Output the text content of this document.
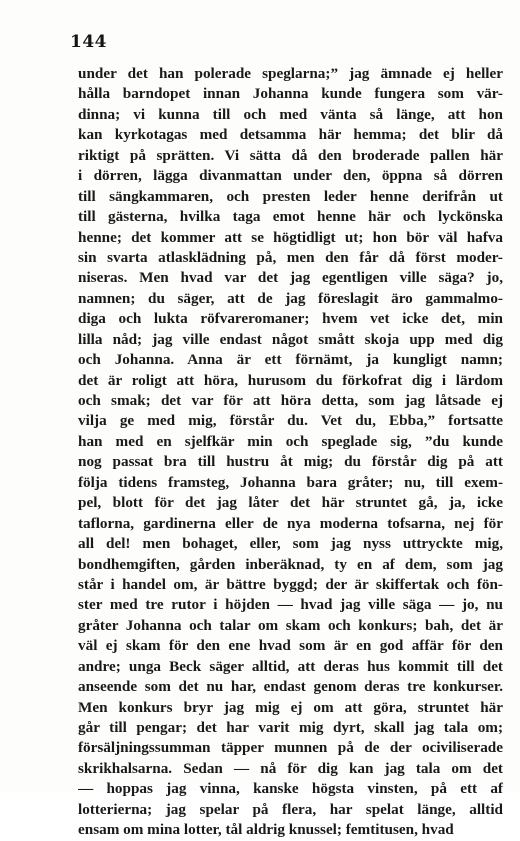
144
under det han polerade speglarna;” jag ämnade ej heller
hålla barndopet innan Johanna kunde fungera som vär-
dinna; vi kunna till och med vänta så länge, att hon
kan kyrkotagas med detsamma här hemma; det blir då
riktigt på sprätten. Vi sätta då den broderade pallen här
i dörren, lägga divanmattan under den, öppna så dörren
till sängkammaren, och presten leder henne derifrån ut
till gästerna, hvilka taga emot henne här och lyckönska
henne; det kommer att se högtidligt ut; hon bör väl hafva
sin svarta atlasklädning på, men den får då först moder-
niseras. Men hvad var det jag egentligen ville säga? jo,
namnen; du säger, att de jag föreslagit äro gammalmo-
diga och lukta röfvareromaner; hvem vet icke det, min
lilla nåd; jag ville endast något smått skoja upp med dig
och Johanna. Anna är ett förnämt, ja kungligt namn;
det är roligt att höra, hurusom du förkofrat dig i lärdom
och smak; det var för att höra detta, som jag låtsade ej
vilja ge med mig, förstår du. Vet du, Ebba,” fortsatte
han med en sjelfkär min och speglade sig, ”du kunde
nog passat bra till hustru åt mig; du förstår dig på att
följa tidens framsteg, Johanna bara gråter; nu, till exem-
pel, blott för det jag låter det här struntet gå, ja, icke
taflorna, gardinerna eller de nya moderna tofsarna, nej för
all del! men bohaget, eller, som jag nyss uttryckte mig,
bondhemgiften, gården inberäknad, ty en af dem, som jag
står i handel om, är bättre byggd; der är skiffertak och fön-
ster med tre rutor i höjden — hvad jag ville säga — jo, nu
gråter Johanna och talar om skam och konkurs; bah, det är
väl ej skam för den ene hvad som är en god affär för den
andre; unga Beck säger alltid, att deras hus kommit till det
anseende som det nu har, endast genom deras tre konkurser.
Men konkurs bryr jag mig ej om att göra, struntet här
går till pengar; det har varit mig dyrt, skall jag tala om;
försäljningssumman täpper munnen på de der ociviliserade
skrikhalsarna. Sedan — nå för dig kan jag tala om det
— hoppas jag vinna, kanske högsta vinsten, på ett af
lotterierna; jag spelar på flera, har spelat länge, alltid
ensam om mina lotter, tål aldrig knussel; femtitusen, hvad
